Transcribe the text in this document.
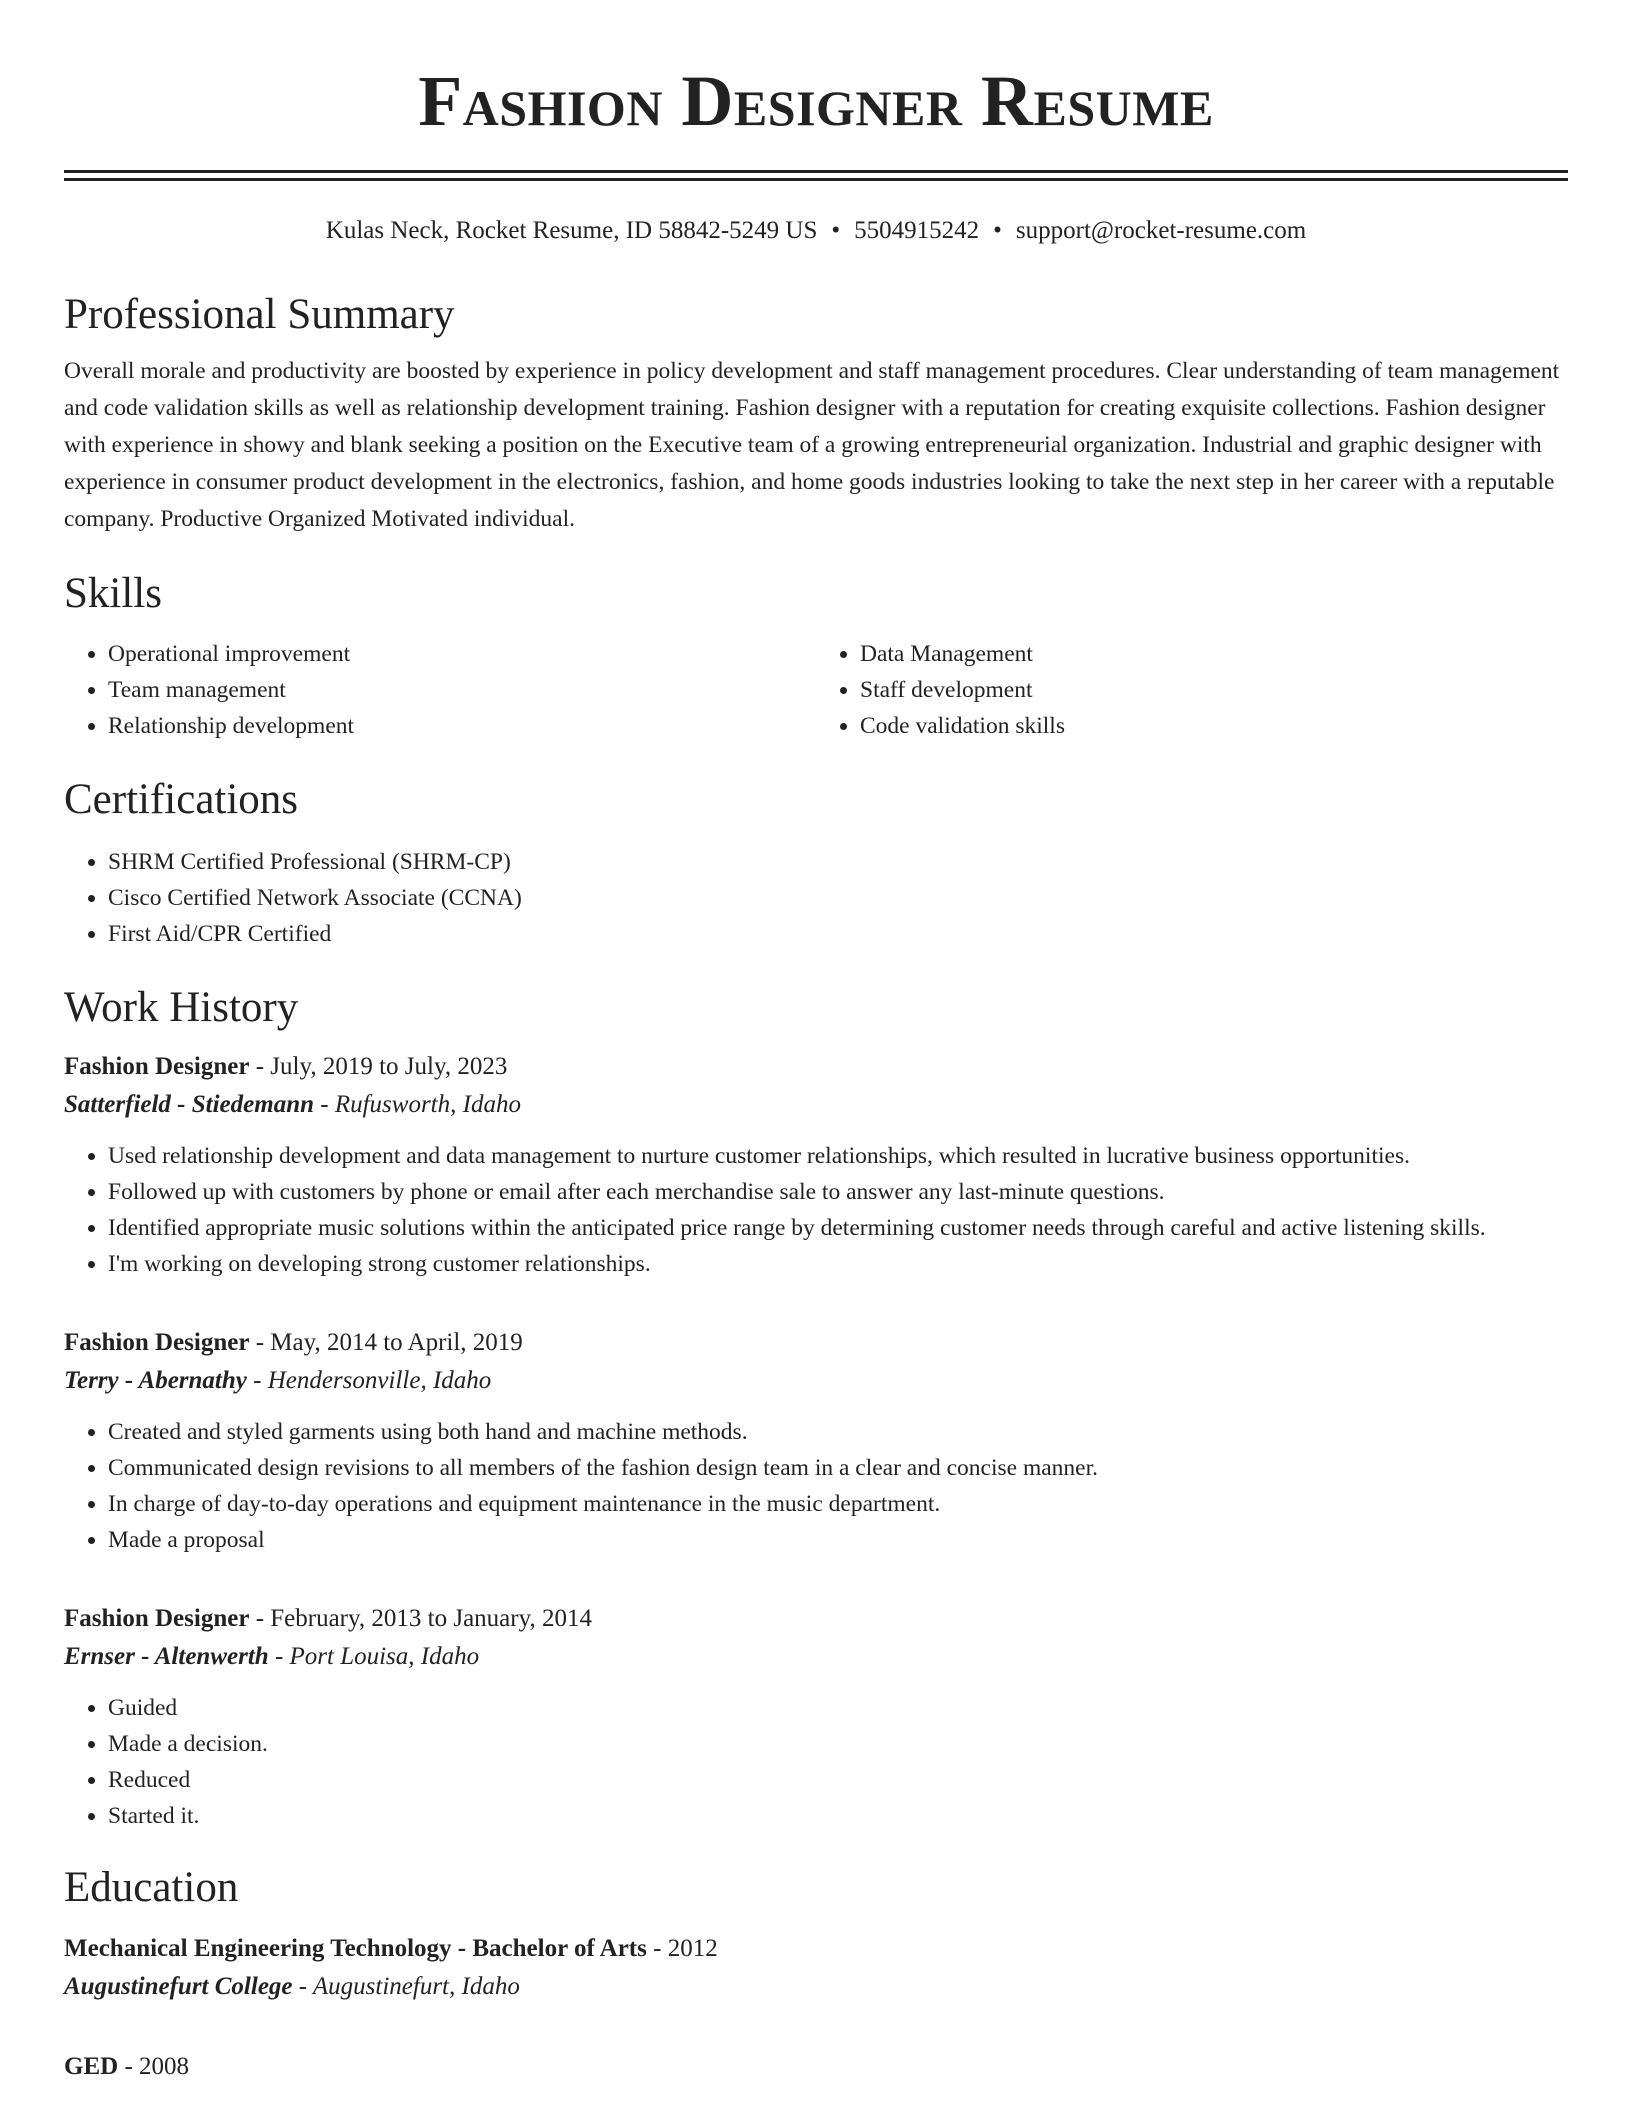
Fashion Designer Resume
Kulas Neck, Rocket Resume, ID 58842-5249 US • 5504915242 • support@rocket-resume.com
Professional Summary

Overall morale and productivity are boosted by experience in policy development and staff management procedures. Clear understanding of team management and code validation skills as well as relationship development training. Fashion designer with a reputation for creating exquisite collections. Fashion designer with experience in showy and blank seeking a position on the Executive team of a growing entrepreneurial organization. Industrial and graphic designer with experience in consumer product development in the electronics, fashion, and home goods industries looking to take the next step in her career with a reputable company. Productive Organized Motivated individual.

Skills
• Operational improvement
• Team management
• Relationship development
• Data Management
• Staff development
• Code validation skills
Certifications
• SHRM Certified Professional (SHRM-CP)
• Cisco Certified Network Associate (CCNA)
• First Aid/CPR Certified
Work History
Fashion Designer - July, 2019 to July, 2023
Satterfield - Stiedemann - Rufusworth, Idaho
• Used relationship development and data management to nurture customer relationships, which resulted in lucrative business opportunities.
• Followed up with customers by phone or email after each merchandise sale to answer any last-minute questions.
• Identified appropriate music solutions within the anticipated price range by determining customer needs through careful and active listening skills.
• I'm working on developing strong customer relationships.
Fashion Designer - May, 2014 to April, 2019
Terry - Abernathy - Hendersonville, Idaho
• Created and styled garments using both hand and machine methods.
• Communicated design revisions to all members of the fashion design team in a clear and concise manner.
• In charge of day-to-day operations and equipment maintenance in the music department.
• Made a proposal
Fashion Designer - February, 2013 to January, 2014
Ernser - Altenwerth - Port Louisa, Idaho
• Guided
• Made a decision.
• Reduced
• Started it.
Education
Mechanical Engineering Technology - Bachelor of Arts - 2012
Augustinefurt College - Augustinefurt, Idaho
GED - 2008
